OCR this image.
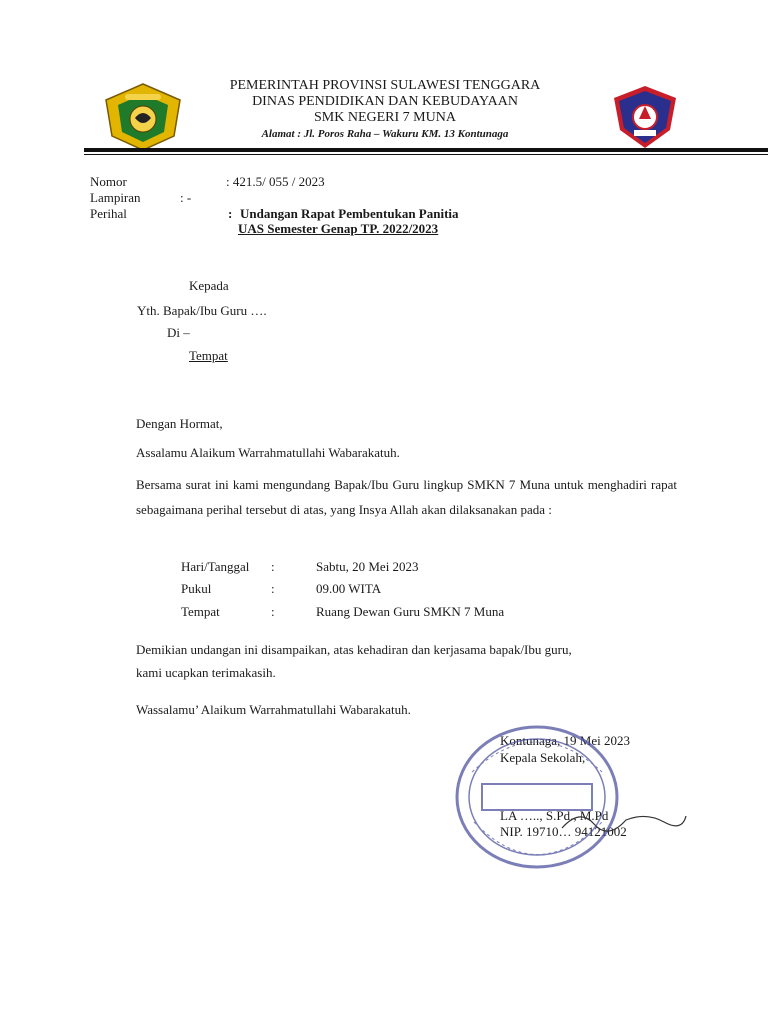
PEMERINTAH PROVINSI SULAWESI TENGGARA
DINAS PENDIDIKAN DAN KEBUDAYAAN
SMK NEGERI 7 MUNA
Alamat : Jl. Poros Raha – Wakuru KM. 13 Kontunaga
Nomor	: 421.5/ 055 / 2023
Lampiran	: -
Perihal	: Undangan Rapat Pembentukan Panitia
UAS Semester Genap TP. 2022/2023
Kepada
Yth. Bapak/Ibu Guru ….
Di –
Tempat
Dengan Hormat,
Assalamu Alaikum Warrahmatullahi Wabarakatuh.
Bersama surat ini kami mengundang Bapak/Ibu Guru lingkup SMKN 7 Muna untuk menghadiri rapat sebagaimana perihal tersebut di atas, yang Insya Allah akan dilaksanakan pada :
Hari/Tanggal :	Sabtu, 20 Mei 2023
Pukul	:	09.00 WITA
Tempat	:	Ruang Dewan Guru SMKN 7 Muna
Demikian undangan ini disampaikan, atas kehadiran dan kerjasama bapak/Ibu guru,
kami ucapkan terimakasih.
Wassalamu’ Alaikum Warrahmatullahi Wabarakatuh.
Kontunaga, 19 Mei 2023
Kepala Sekolah,
LA ….., S.Pd., M.Pd
NIP. 19710… 94121002
